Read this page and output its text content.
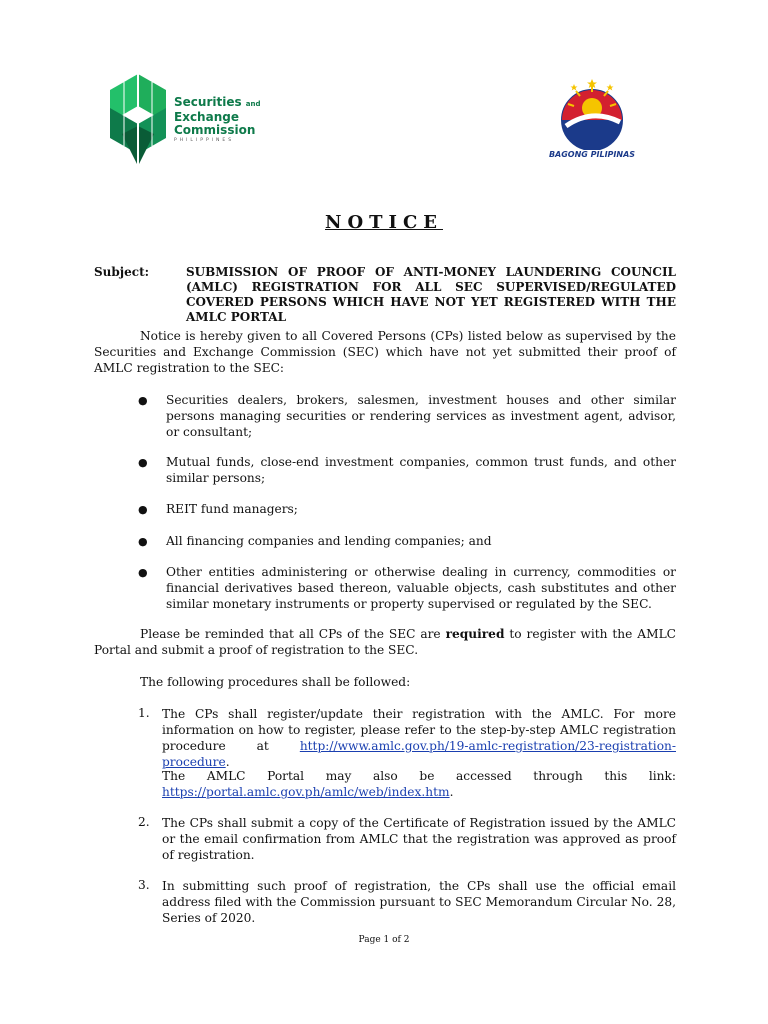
Securities and
Exchange
Commission
PHILIPPINES
BAGONG PILIPINAS
NOTICE
Subject:	SUBMISSION OF PROOF OF ANTI-MONEY LAUNDERING COUNCIL (AMLC) REGISTRATION FOR ALL SEC SUPERVISED/REGULATED COVERED PERSONS WHICH HAVE NOT YET REGISTERED WITH THE AMLC PORTAL
Notice is hereby given to all Covered Persons (CPs) listed below as supervised by the Securities and Exchange Commission (SEC) which have not yet submitted their proof of AMLC registration to the SEC:
● Securities dealers, brokers, salesmen, investment houses and other similar persons managing securities or rendering services as investment agent, advisor, or consultant;
● Mutual funds, close-end investment companies, common trust funds, and other similar persons;
● REIT fund managers;
● All financing companies and lending companies; and
● Other entities administering or otherwise dealing in currency, commodities or financial derivatives based thereon, valuable objects, cash substitutes and other similar monetary instruments or property supervised or regulated by the SEC.
Please be reminded that all CPs of the SEC are required to register with the AMLC Portal and submit a proof of registration to the SEC.
The following procedures shall be followed:
1. The CPs shall register/update their registration with the AMLC. For more information on how to register, please refer to the step-by-step AMLC registration procedure at http://www.amlc.gov.ph/19-amlc-registration/23-registration-procedure.
The AMLC Portal may also be accessed through this link: https://portal.amlc.gov.ph/amlc/web/index.htm.
2. The CPs shall submit a copy of the Certificate of Registration issued by the AMLC or the email confirmation from AMLC that the registration was approved as proof of registration.
3. In submitting such proof of registration, the CPs shall use the official email address filed with the Commission pursuant to SEC Memorandum Circular No. 28, Series of 2020.
Page 1 of 2
